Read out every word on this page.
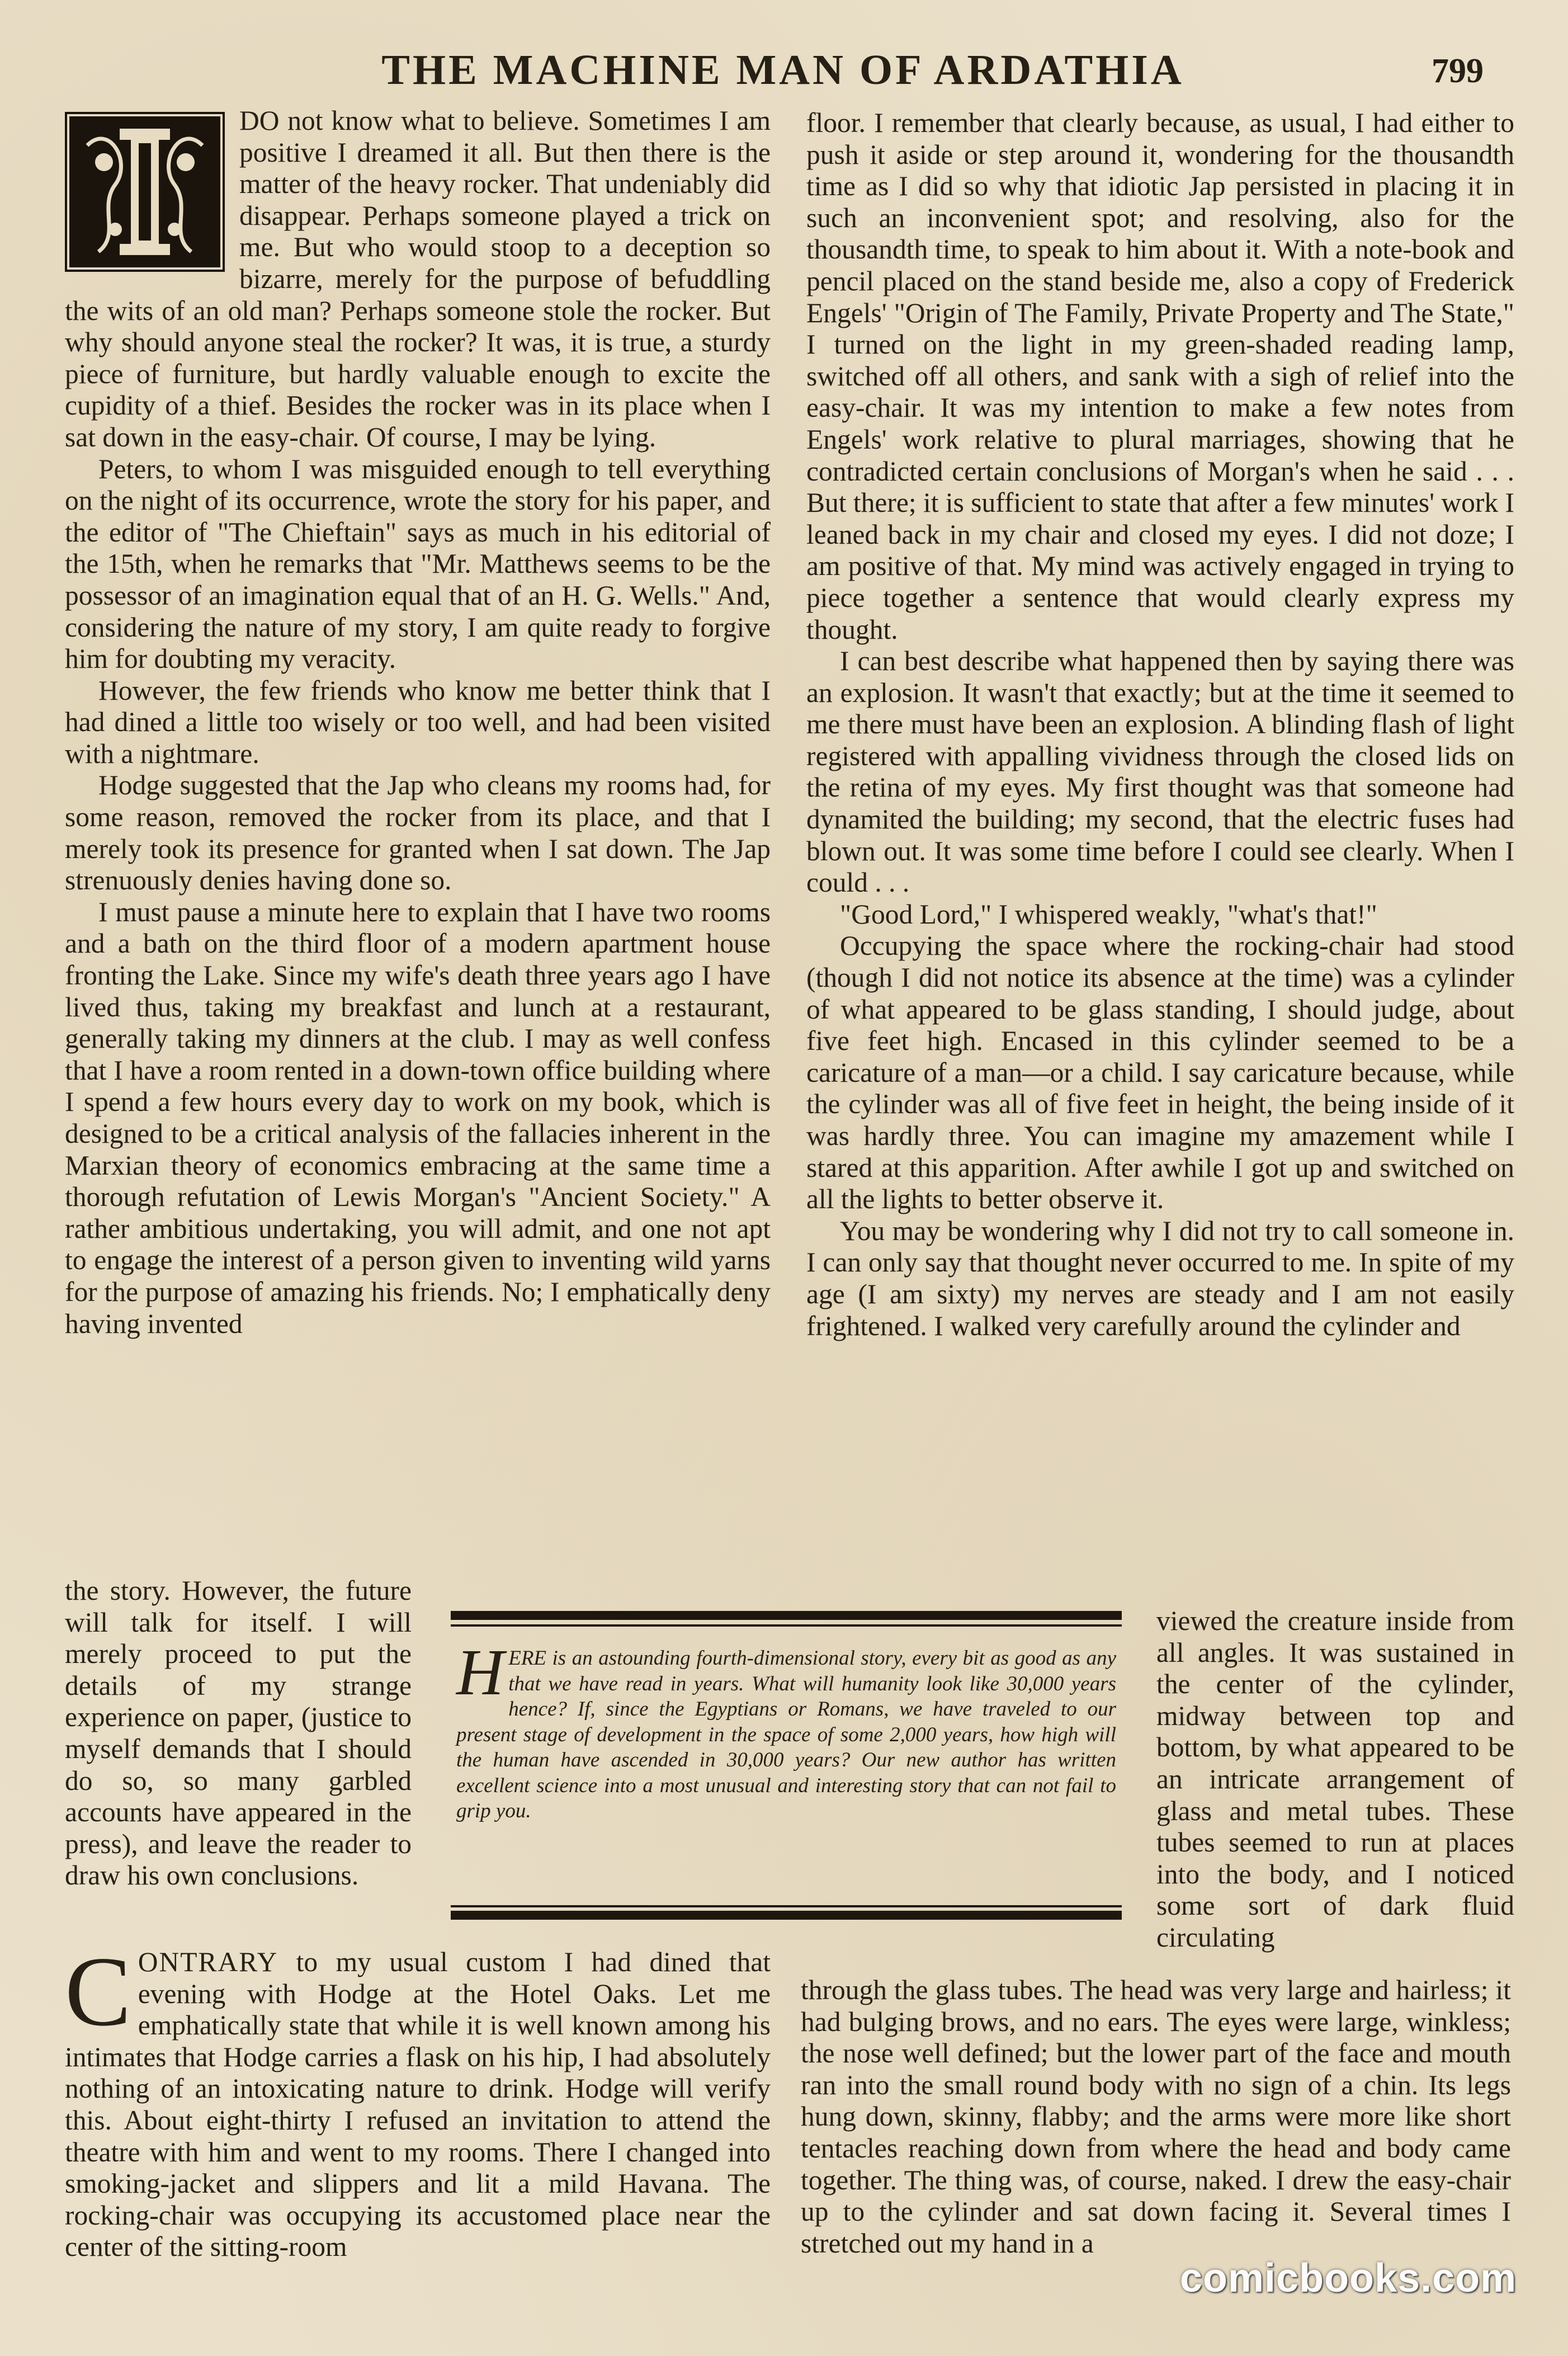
THE MACHINE MAN OF ARDATHIA	799

DO not know what to believe. Sometimes I am positive I dreamed it all. But then there is the matter of the heavy rocker. That undeniably did disappear. Perhaps someone played a trick on me. But who would stoop to a deception so bizarre, merely for the purpose of befuddling the wits of an old man? Perhaps someone stole the rocker. But why should anyone steal the rocker? It was, it is true, a sturdy piece of furniture, but hardly valuable enough to excite the cupidity of a thief. Besides the rocker was in its place when I sat down in the easy-chair. Of course, I may be lying.

Peters, to whom I was misguided enough to tell everything on the night of its occurrence, wrote the story for his paper, and the editor of "The Chieftain" says as much in his editorial of the 15th, when he remarks that "Mr. Matthews seems to be the possessor of an imagination equal that of an H. G. Wells." And, considering the nature of my story, I am quite ready to forgive him for doubting my veracity.

However, the few friends who know me better think that I had dined a little too wisely or too well, and had been visited with a nightmare.

Hodge suggested that the Jap who cleans my rooms had, for some reason, removed the rocker from its place, and that I merely took its presence for granted when I sat down. The Jap strenuously denies having done so.

I must pause a minute here to explain that I have two rooms and a bath on the third floor of a modern apartment house fronting the Lake. Since my wife's death three years ago I have lived thus, taking my breakfast and lunch at a restaurant, generally taking my dinners at the club. I may as well confess that I have a room rented in a down-town office building where I spend a few hours every day to work on my book, which is designed to be a critical analysis of the fallacies inherent in the Marxian theory of economics embracing at the same time a thorough refutation of Lewis Morgan's "Ancient Society." A rather ambitious undertaking, you will admit, and one not apt to engage the interest of a person given to inventing wild yarns for the purpose of amazing his friends. No; I emphatically deny having invented

the story. However, the future will talk for itself. I will merely proceed to put the details of my strange experience on paper, (justice to myself demands that I should do so, so many garbled accounts have appeared in the press), and leave the reader to draw his own conclusions.

HERE is an astounding fourth-dimensional story, every bit as good as any that we have read in years. What will humanity look like 30,000 years hence? If, since the Egyptians or Romans, we have traveled to our present stage of development in the space of some 2,000 years, how high will the human have ascended in 30,000 years? Our new author has written excellent science into a most unusual and interesting story that can not fail to grip you.

viewed the creature inside from all angles. It was sustained in the center of the cylinder, midway between top and bottom, by what appeared to be an intricate arrangement of glass and metal tubes. These tubes seemed to run at places into the body, and I noticed some sort of dark fluid circulating

CONTRARY to my usual custom I had dined that evening with Hodge at the Hotel Oaks. Let me emphatically state that while it is well known among his intimates that Hodge carries a flask on his hip, I had absolutely nothing of an intoxicating nature to drink. Hodge will verify this. About eight-thirty I refused an invitation to attend the theatre with him and went to my rooms. There I changed into smoking-jacket and slippers and lit a mild Havana. The rocking-chair was occupying its accustomed place near the center of the sitting-room

floor. I remember that clearly because, as usual, I had either to push it aside or step around it, wondering for the thousandth time as I did so why that idiotic Jap persisted in placing it in such an inconvenient spot; and resolving, also for the thousandth time, to speak to him about it. With a note-book and pencil placed on the stand beside me, also a copy of Frederick Engels' "Origin of The Family, Private Property and The State," I turned on the light in my green-shaded reading lamp, switched off all others, and sank with a sigh of relief into the easy-chair. It was my intention to make a few notes from Engels' work relative to plural marriages, showing that he contradicted certain conclusions of Morgan's when he said . . . But there; it is sufficient to state that after a few minutes' work I leaned back in my chair and closed my eyes. I did not doze; I am positive of that. My mind was actively engaged in trying to piece together a sentence that would clearly express my thought.

I can best describe what happened then by saying there was an explosion. It wasn't that exactly; but at the time it seemed to me there must have been an explosion. A blinding flash of light registered with appalling vividness through the closed lids on the retina of my eyes. My first thought was that someone had dynamited the building; my second, that the electric fuses had blown out. It was some time before I could see clearly. When I could . . .

"Good Lord," I whispered weakly, "what's that!"

Occupying the space where the rocking-chair had stood (though I did not notice its absence at the time) was a cylinder of what appeared to be glass standing, I should judge, about five feet high. Encased in this cylinder seemed to be a caricature of a man—or a child. I say caricature because, while the cylinder was all of five feet in height, the being inside of it was hardly three. You can imagine my amazement while I stared at this apparition. After awhile I got up and switched on all the lights to better observe it.

You may be wondering why I did not try to call someone in. I can only say that thought never occurred to me. In spite of my age (I am sixty) my nerves are steady and I am not easily frightened. I walked very carefully around the cylinder and

through the glass tubes. The head was very large and hairless; it had bulging brows, and no ears. The eyes were large, winkless; the nose well defined; but the lower part of the face and mouth ran into the small round body with no sign of a chin. Its legs hung down, skinny, flabby; and the arms were more like short tentacles reaching down from where the head and body came together. The thing was, of course, naked. I drew the easy-chair up to the cylinder and sat down facing it. Several times I stretched out my hand in a

comicbooks.com
